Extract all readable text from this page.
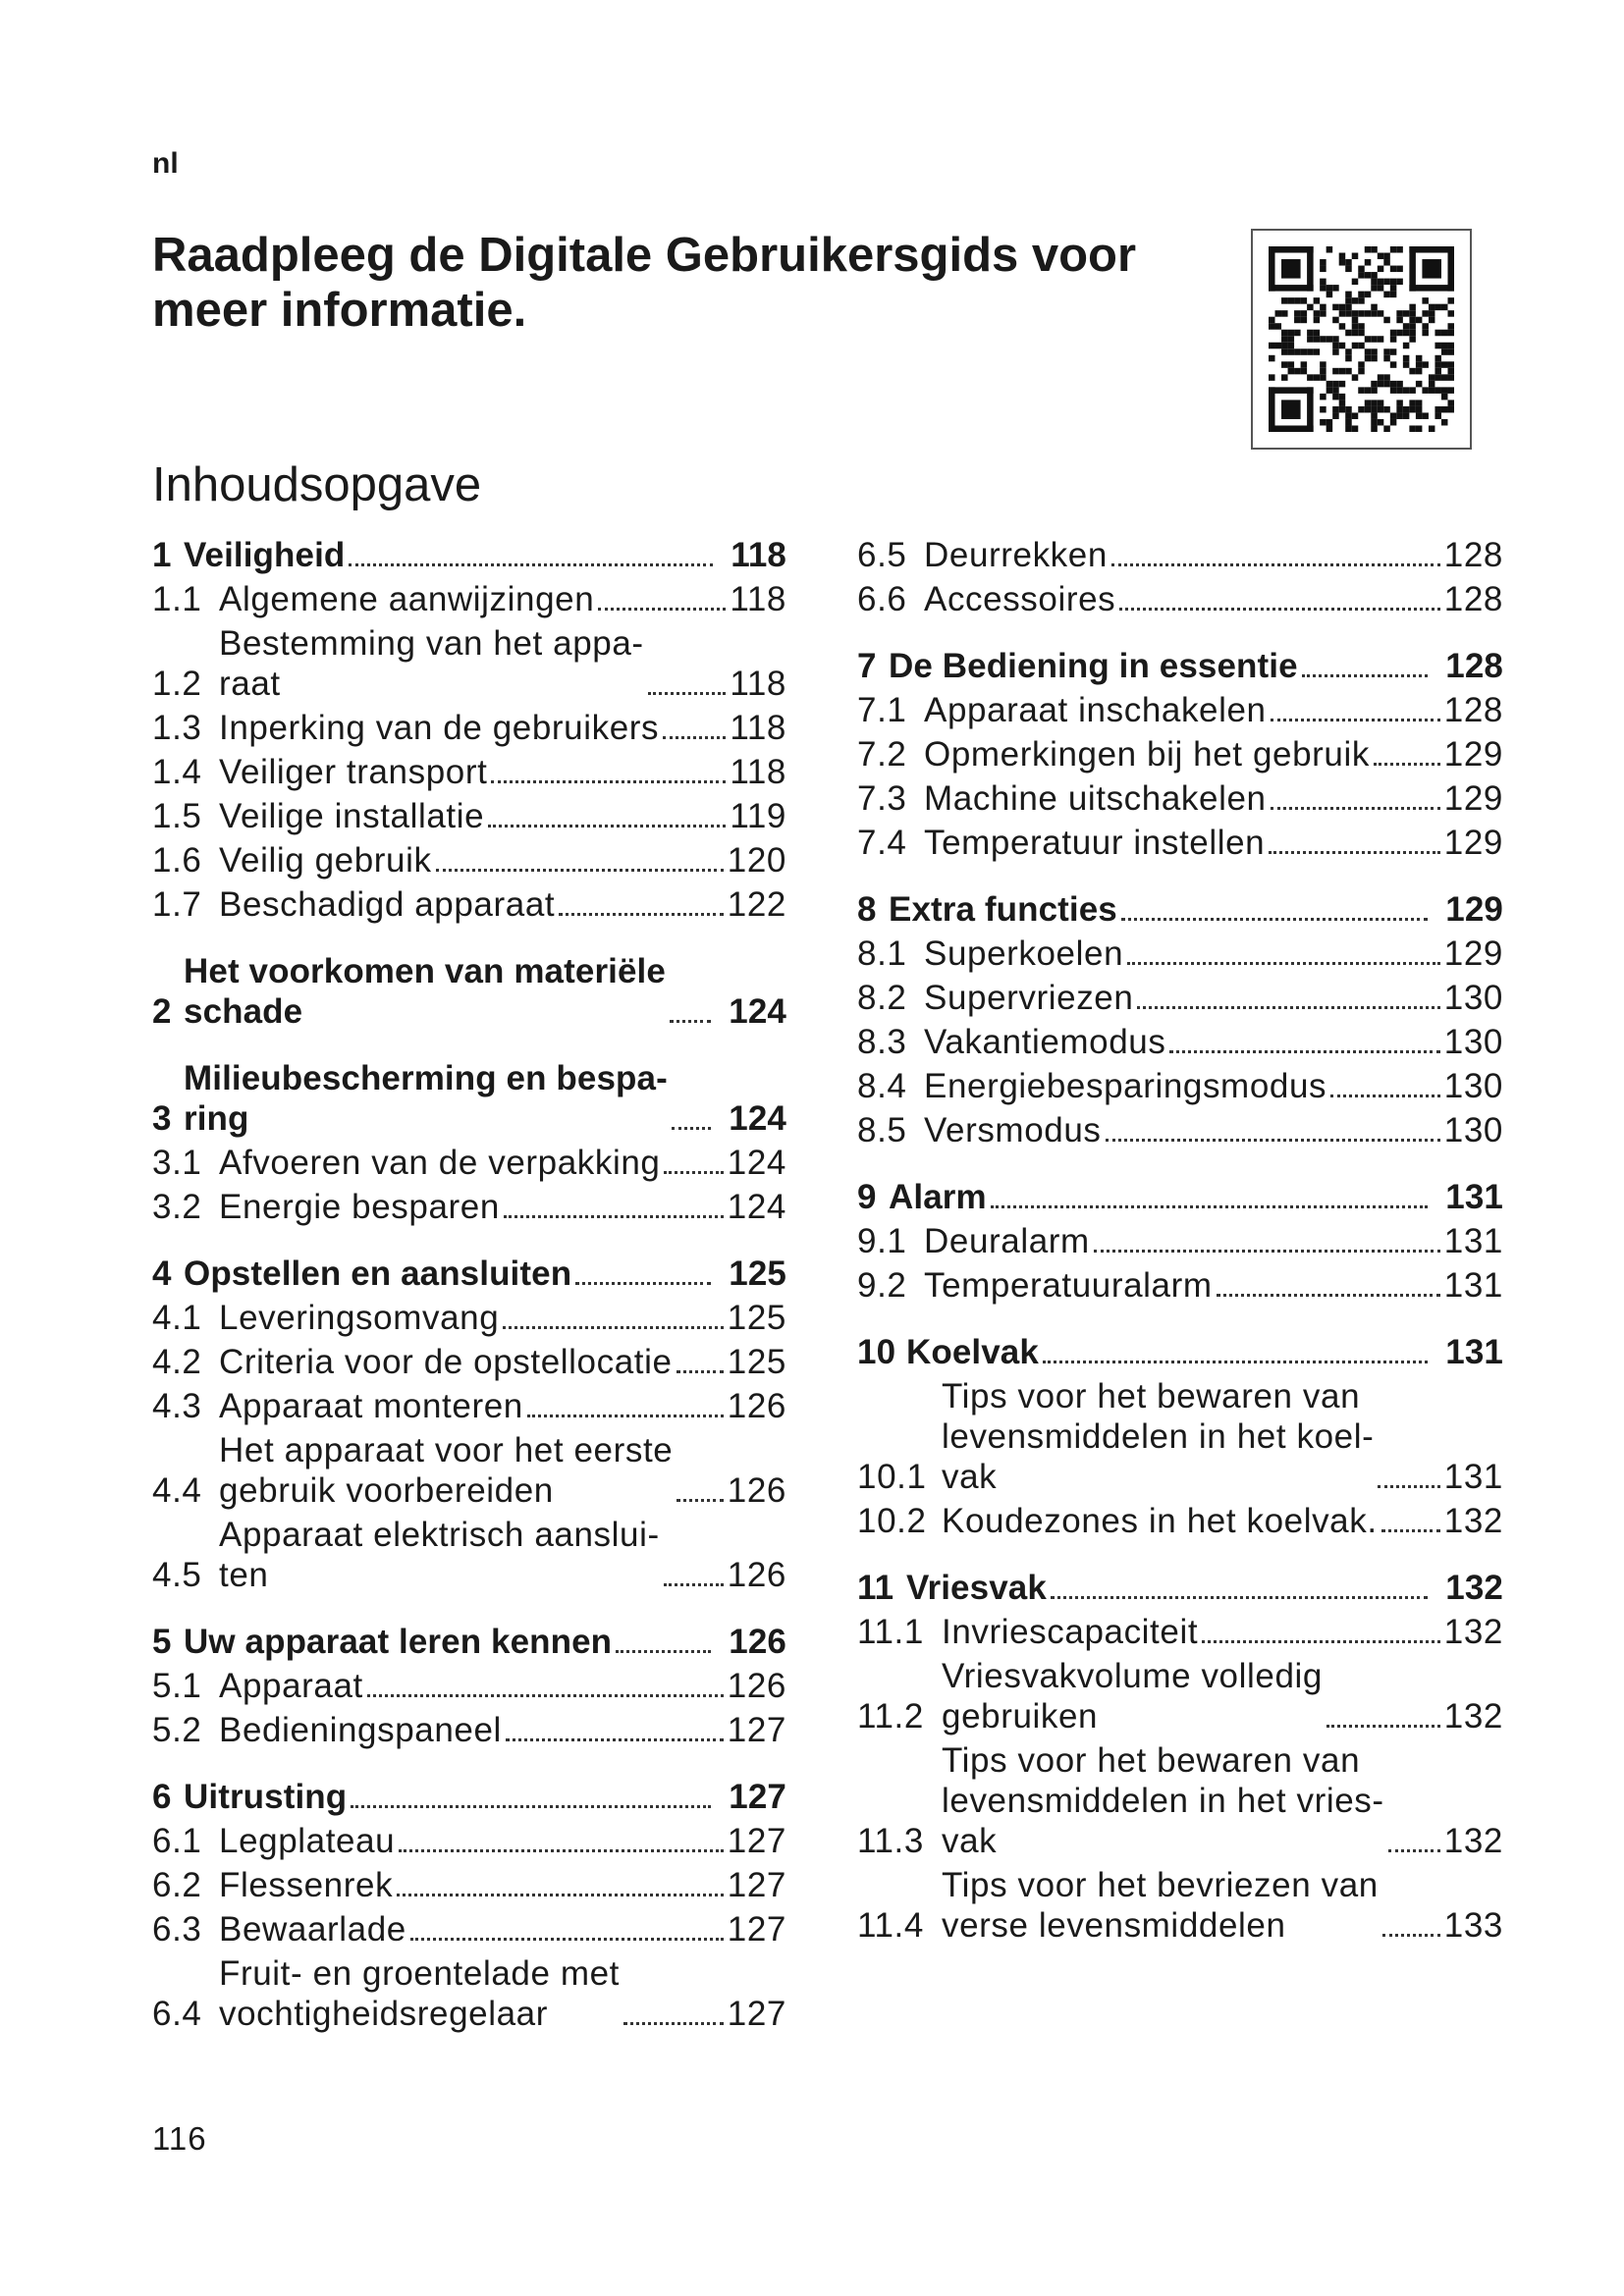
nl
Raadpleeg de Digitale Gebruikersgids voor meer informatie.
Inhoudsopgave
1 Veiligheid	118
1.1 Algemene aanwijzingen	118
1.2
Bestemming van het appa-
raat	118
1.3 Inperking van de gebruikers 118
1.4 Veiliger transport	118
1.5 Veilige installatie	119
1.6 Veilig gebruik	120
1.7 Beschadigd apparaat	122
2
Het voorkomen van materiële
schade	124
3
Milieubescherming en bespa-
ring	124
3.1 Afvoeren van de verpakking 124
3.2 Energie besparen	124
4 Opstellen en aansluiten	125
4.1 Leveringsomvang	125
4.2 Criteria voor de opstellocatie 125
4.3 Apparaat monteren	126
4.4
Het apparaat voor het eerste
gebruik voorbereiden	126
4.5
Apparaat elektrisch aanslui-
ten	126
5 Uw apparaat leren kennen	126
5.1 Apparaat	126
5.2 Bedieningspaneel	127
6 Uitrusting	127
6.1 Legplateau	127
6.2 Flessenrek	127
6.3 Bewaarlade	127
6.4
Fruit- en groentelade met
vochtigheidsregelaar	127
6.5 Deurrekken	128
6.6 Accessoires	128
7 De Bediening in essentie	128
7.1 Apparaat inschakelen	128
7.2 Opmerkingen bij het gebruik 129
7.3 Machine uitschakelen	129
7.4 Temperatuur instellen	129
8 Extra functies	129
8.1 Superkoelen	129
8.2 Supervriezen	130
8.3 Vakantiemodus	130
8.4 Energiebesparingsmodus	130
8.5 Versmodus	130
9 Alarm	131
9.1 Deuralarm	131
9.2 Temperatuuralarm	131
10 Koelvak	131
10.1
Tips voor het bewaren van
levensmiddelen in het koel-
vak	131
10.2 Koudezones in het koelvak. 132
11 Vriesvak	132
11.1 Invriescapaciteit	132
11.2
Vriesvakvolume volledig
gebruiken	132
11.3
Tips voor het bewaren van
levensmiddelen in het vries-
vak	132
11.4
Tips voor het bevriezen van
verse levensmiddelen	133
116
